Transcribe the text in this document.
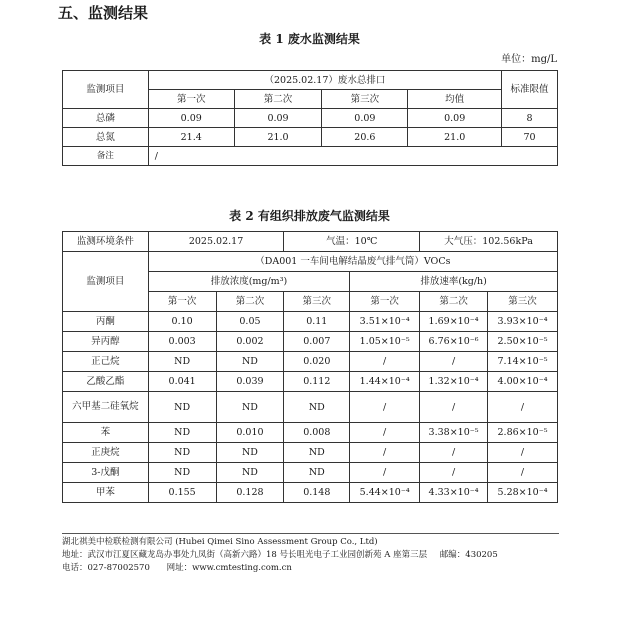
五、监测结果
表 1 废水监测结果
单位：mg/L
监测项目	（2025.02.17）废水总排口				标准限值
	第一次	第二次	第三次	均值	
总磷	0.09	0.09	0.09	0.09	8
总氮	21.4	21.0	20.6	21.0	70
备注	/				
表 2 有组织排放废气监测结果
监测环境条件	2025.02.17		气温：10℃		大气压：102.56kPa	
监测项目	（DA001 一车间电解结晶废气排气筒）VOCs					
	排放浓度(mg/m³)			排放速率(kg/h)		
	第一次	第二次	第三次	第一次	第二次	第三次
丙酮	0.10	0.05	0.11	3.51×10⁻⁴	1.69×10⁻⁴	3.93×10⁻⁴
异丙醇	0.003	0.002	0.007	1.05×10⁻⁵	6.76×10⁻⁶	2.50×10⁻⁵
正己烷	ND	ND	0.020	/	/	7.14×10⁻⁵
乙酸乙酯	0.041	0.039	0.112	1.44×10⁻⁴	1.32×10⁻⁴	4.00×10⁻⁴
六甲基二硅氧烷	ND	ND	ND	/	/	/
苯	ND	0.010	0.008	/	3.38×10⁻⁵	2.86×10⁻⁵
正庚烷	ND	ND	ND	/	/	/
3-戊酮	ND	ND	ND	/	/	/
甲苯	0.155	0.128	0.148	5.44×10⁻⁴	4.33×10⁻⁴	5.28×10⁻⁴
湖北祺美中检联检测有限公司 (Hubei Qimei Sino Assessment Group Co., Ltd)
地址：武汉市江夏区藏龙岛办事处九凤街（高新六路）18 号长咀光电子工业园创新苑 A 座第三层 邮编：430205
电话：027-87002570 网址：www.cmtesting.com.cn
